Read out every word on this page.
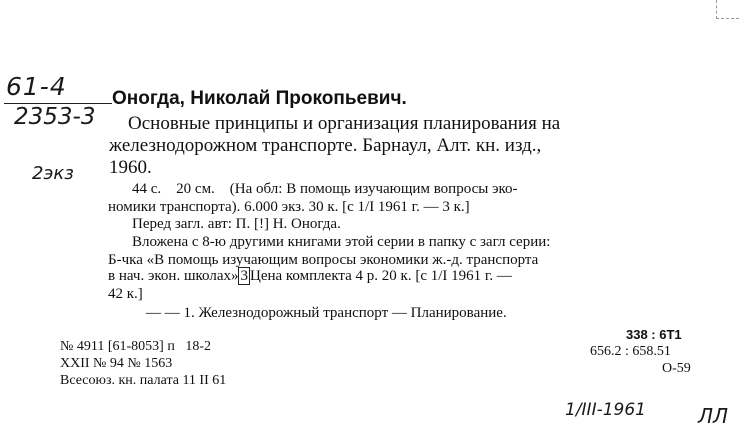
61-4
2353-3
2экз
1/III-1961	ЛЛ
Оногда, Николай Прокопьевич.
Основные принципы и организация планирования на
железнодорожном транспорте. Барнаул, Алт. кн. изд.,
1960.
44 с.    20 см.    (На обл: В помощь изучающим вопросы эко-
номики транспорта). 6.000 экз. 30 к. [с 1/I 1961 г. — 3 к.]
Перед загл. авт: П. [!] Н. Оногда.
Вложена с 8-ю другими книгами этой серии в папку с загл серии:
Б-чка «В помощь изучающим вопросы экономики ж.-д. транспорта
в нач. экон. школах» 3 Цена комплекта 4 р. 20 к. [с 1/I 1961 г. —
42 к.]
— — 1. Железнодорожный транспорт — Планирование.
№ 4911 [61-8053] п   18-2
XXII № 94 № 1563
Всесоюз. кн. палата 11 II 61
338 : 6Т1
656.2 : 658.51
О-59
